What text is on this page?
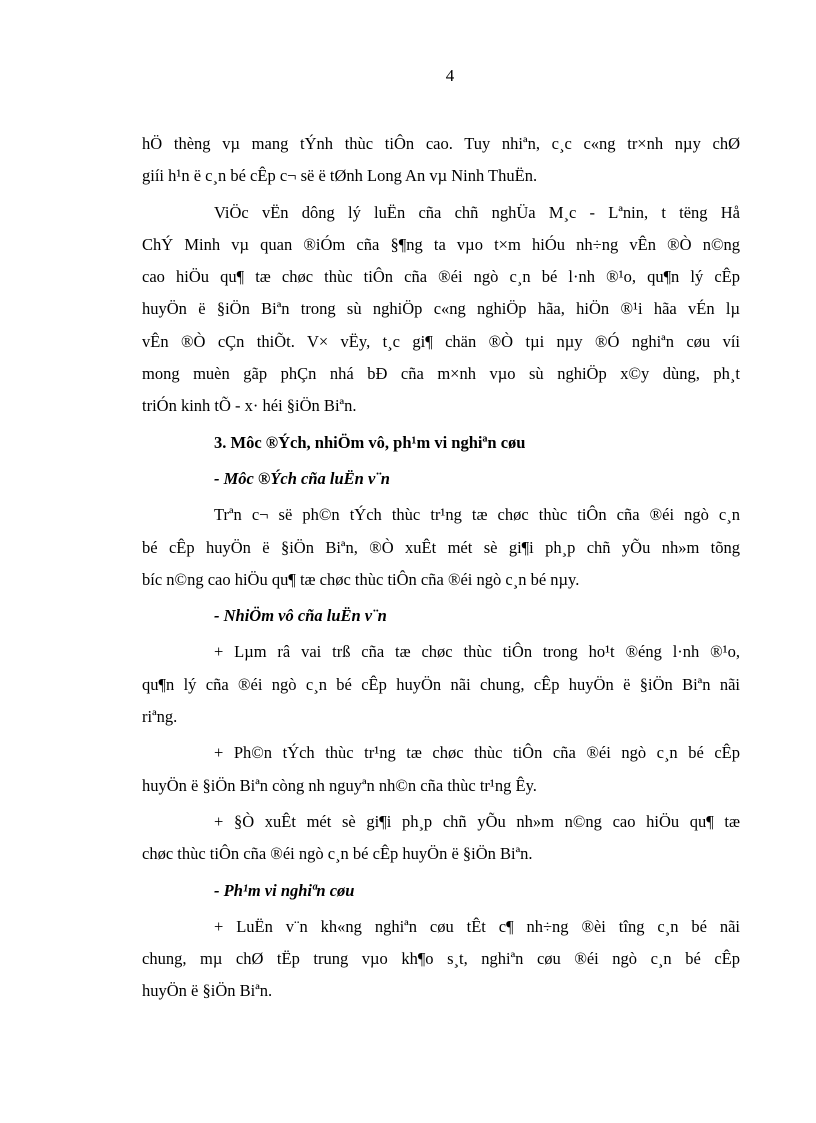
4
hÖ thèng vµ mang tÝnh thùc tiÔn cao. Tuy nhiªn, c¸c c«ng tr×nh nµy chØ
giíi h¹n ë c¸n bé cÊp c¬ së ë tØnh Long An vµ Ninh ThuËn.
ViÖc vËn dông lý luËn cña chñ nghÜa M¸c - Lªnin, t tëng Hå
ChÝ Minh vµ quan ®iÓm cña §¶ng ta vµo t×m hiÓu nh÷ng vÊn ®Ò n©ng
cao hiÖu qu¶ tæ chøc thùc tiÔn cña ®éi ngò c¸n bé l·nh ®¹o, qu¶n lý cÊp
huyÖn ë §iÖn Biªn trong sù nghiÖp c«ng nghiÖp hãa, hiÖn ®¹i hãa vÉn lµ
vÊn ®Ò cÇn thiÕt. V× vËy, t¸c gi¶ chän ®Ò tµi nµy ®Ó nghiªn cøu víi
mong muèn gãp phÇn nhá bÐ cña m×nh vµo sù nghiÖp x©y dùng, ph¸t
triÓn kinh tÕ - x· héi §iÖn Biªn.

3. Môc ®Ých, nhiÖm vô, ph¹m vi nghiªn cøu

- Môc ®Ých cña luËn v¨n

Trªn c¬ së ph©n tÝch thùc tr¹ng tæ chøc thùc tiÔn cña ®éi ngò c¸n
bé cÊp huyÖn ë §iÖn Biªn, ®Ò xuÊt mét sè gi¶i ph¸p chñ yÕu nh»m tõng
bíc n©ng cao hiÖu qu¶ tæ chøc thùc tiÔn cña ®éi ngò c¸n bé nµy.

- NhiÖm vô cña luËn v¨n

+ Lµm râ vai trß cña tæ chøc thùc tiÔn trong ho¹t ®éng l·nh ®¹o,
qu¶n lý cña ®éi ngò c¸n bé cÊp huyÖn nãi chung, cÊp huyÖn ë §iÖn Biªn nãi
riªng.
+ Ph©n tÝch thùc tr¹ng tæ chøc thùc tiÔn cña ®éi ngò c¸n bé cÊp
huyÖn ë §iÖn Biªn còng nh nguyªn nh©n cña thùc tr¹ng Êy.
+ §Ò xuÊt mét sè gi¶i ph¸p chñ yÕu nh»m n©ng cao hiÖu qu¶ tæ
chøc thùc tiÔn cña ®éi ngò c¸n bé cÊp huyÖn ë §iÖn Biªn.

- Ph¹m vi nghiªn cøu

+ LuËn v¨n kh«ng nghiªn cøu tÊt c¶ nh÷ng ®èi tîng c¸n bé nãi
chung, mµ chØ tËp trung vµo kh¶o s¸t, nghiªn cøu ®éi ngò c¸n bé cÊp
huyÖn ë §iÖn Biªn.
